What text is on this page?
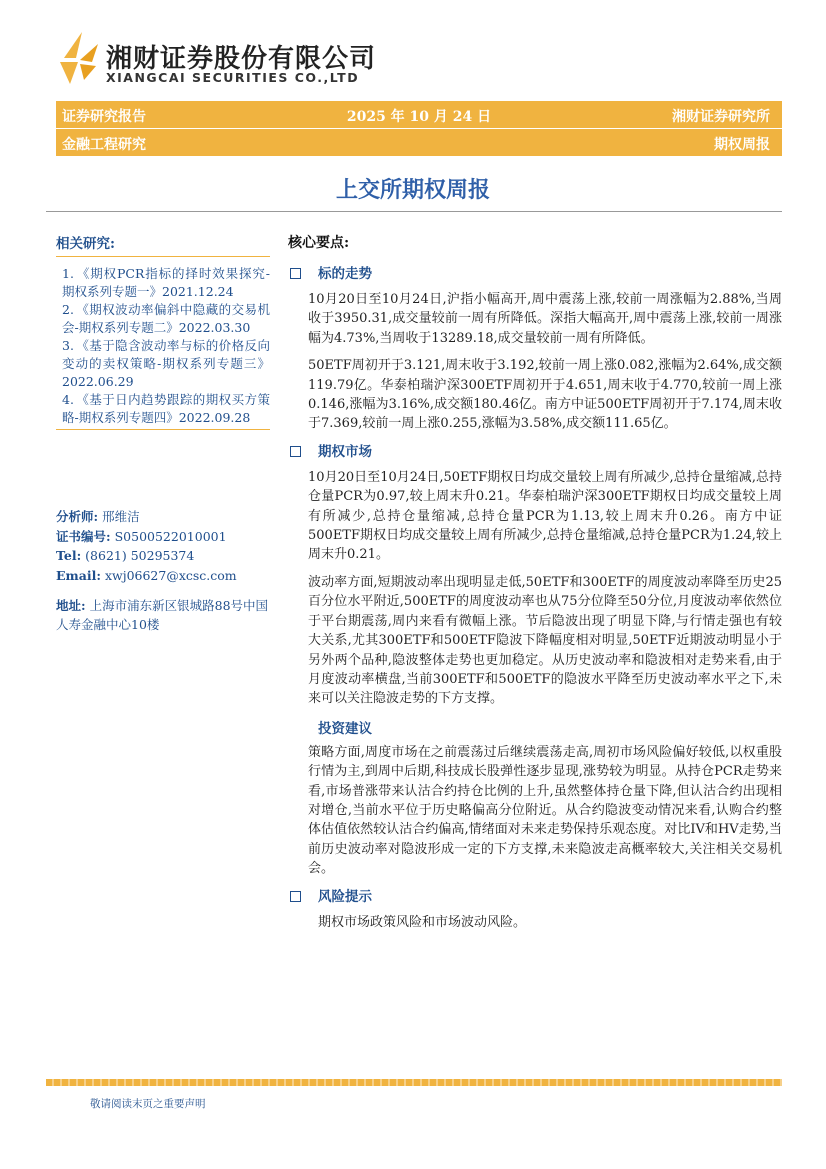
湘财证券股份有限公司
XIANGCAI SECURITIES CO.,LTD
证券研究报告	2025 年 10 月 24 日	湘财证券研究所
金融工程研究	期权周报
上交所期权周报
相关研究:
1. 《期权PCR指标的择时效果探究-期权系列专题一》2021.12.24
2. 《期权波动率偏斜中隐藏的交易机会-期权系列专题二》2022.03.30
3. 《基于隐含波动率与标的价格反向变动的卖权策略-期权系列专题三》 2022.06.29
4. 《基于日内趋势跟踪的期权买方策略-期权系列专题四》2022.09.28
分析师: 邢维洁
证书编号: S0500522010001
Tel: (8621) 50295374
Email: xwj06627@xcsc.com
地址: 上海市浦东新区银城路88号中国人寿金融中心10楼
核心要点:
标的走势

10月20日至10月24日,沪指小幅高开,周中震荡上涨,较前一周涨幅为2.88%,当周收于3950.31,成交量较前一周有所降低。深指大幅高开,周中震荡上涨,较前一周涨幅为4.73%,当周收于13289.18,成交量较前一周有所降低。

50ETF周初开于3.121,周末收于3.192,较前一周上涨0.082,涨幅为2.64%,成交额119.79亿。华泰柏瑞沪深300ETF周初开于4.651,周末收于4.770,较前一周上涨0.146,涨幅为3.16%,成交额180.46亿。南方中证500ETF周初开于7.174,周末收于7.369,较前一周上涨0.255,涨幅为3.58%,成交额111.65亿。

期权市场

10月20日至10月24日,50ETF期权日均成交量较上周有所减少,总持仓量缩减,总持仓量PCR为0.97,较上周末升0.21。华泰柏瑞沪深300ETF期权日均成交量较上周有所减少,总持仓量缩减,总持仓量PCR为1.13,较上周末升0.26。南方中证500ETF期权日均成交量较上周有所减少,总持仓量缩减,总持仓量PCR为1.24,较上周末升0.21。

波动率方面,短期波动率出现明显走低,50ETF和300ETF的周度波动率降至历史25百分位水平附近,500ETF的周度波动率也从75分位降至50分位,月度波动率依然位于平台期震荡,周内来看有微幅上涨。节后隐波出现了明显下降,与行情走强也有较大关系,尤其300ETF和500ETF隐波下降幅度相对明显,50ETF近期波动明显小于另外两个品种,隐波整体走势也更加稳定。从历史波动率和隐波相对走势来看,由于月度波动率横盘,当前300ETF和500ETF的隐波水平降至历史波动率水平之下,未来可以关注隐波走势的下方支撑。

投资建议

策略方面,周度市场在之前震荡过后继续震荡走高,周初市场风险偏好较低,以权重股行情为主,到周中后期,科技成长股弹性逐步显现,涨势较为明显。从持仓PCR走势来看,市场普涨带来认沽合约持仓比例的上升,虽然整体持仓量下降,但认沽合约出现相对增仓,当前水平位于历史略偏高分位附近。从合约隐波变动情况来看,认购合约整体估值依然较认沽合约偏高,情绪面对未来走势保持乐观态度。对比IV和HV走势,当前历史波动率对隐波形成一定的下方支撑,未来隐波走高概率较大,关注相关交易机会。

风险提示

期权市场政策风险和市场波动风险。

敬请阅读末页之重要声明
